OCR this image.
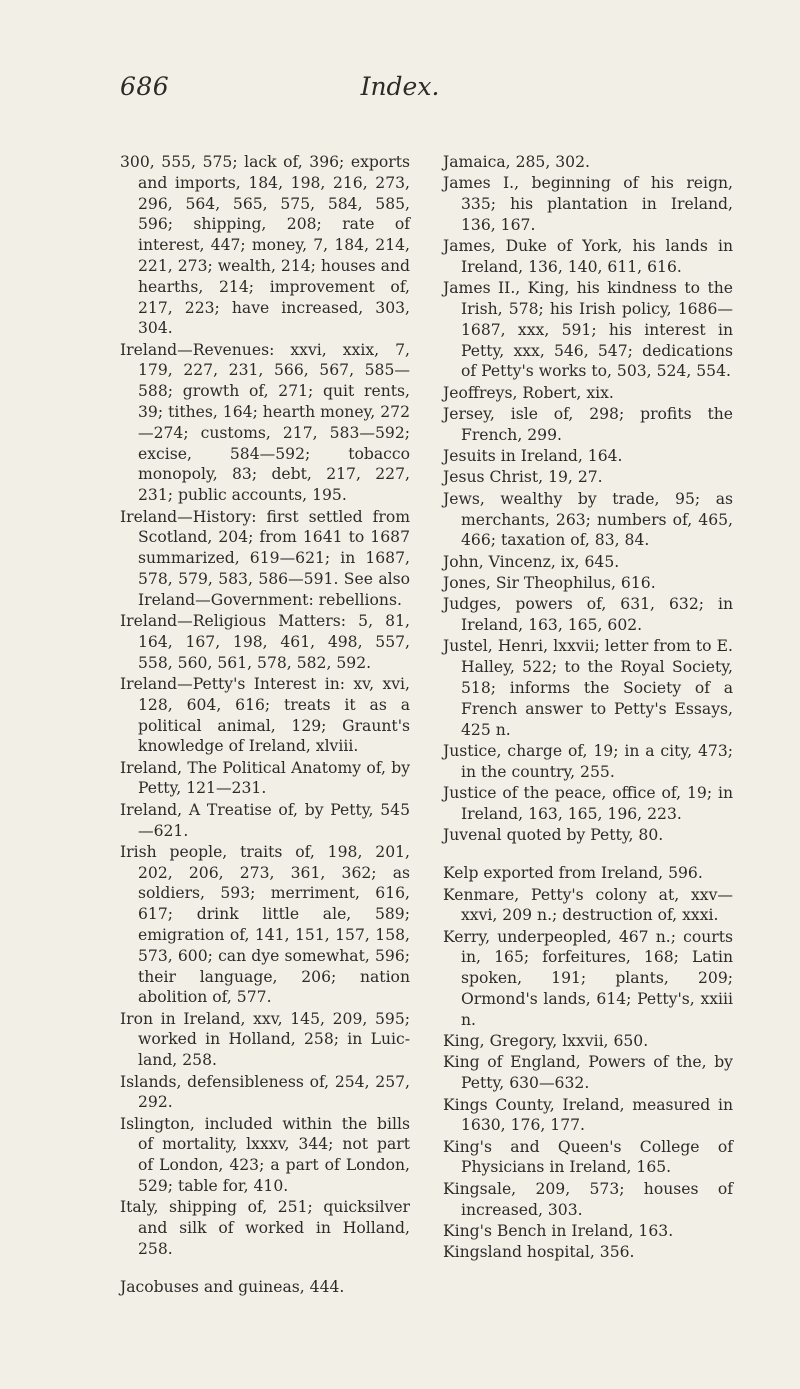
686	Index.

300, 555, 575; lack of, 396; exports and imports, 184, 198, 216, 273, 296, 564, 565, 575, 584, 585, 596; shipping, 208; rate of interest, 447; money, 7, 184, 214, 221, 273; wealth, 214; houses and hearths, 214; improvement of, 217, 223; have increased, 303, 304.

Ireland—Revenues: xxvi, xxix, 7, 179, 227, 231, 566, 567, 585—588; growth of, 271; quit rents, 39; tithes, 164; hearth money, 272—274; customs, 217, 583—592; excise, 584—592; tobacco monopoly, 83; debt, 217, 227, 231; public accounts, 195.

Ireland—History: first settled from Scotland, 204; from 1641 to 1687 summarized, 619—621; in 1687, 578, 579, 583, 586—591. See also Ireland—Government: rebellions.

Ireland—Religious Matters: 5, 81, 164, 167, 198, 461, 498, 557, 558, 560, 561, 578, 582, 592.

Ireland—Petty's Interest in: xv, xvi, 128, 604, 616; treats it as a political animal, 129; Graunt's knowledge of Ireland, xlviii.

Ireland, The Political Anatomy of, by Petty, 121—231.

Ireland, A Treatise of, by Petty, 545—621.

Irish people, traits of, 198, 201, 202, 206, 273, 361, 362; as soldiers, 593; merriment, 616, 617; drink little ale, 589; emigration of, 141, 151, 157, 158, 573, 600; can dye somewhat, 596; their language, 206; nation abolition of, 577.

Iron in Ireland, xxv, 145, 209, 595; worked in Holland, 258; in Luic-land, 258.

Islands, defensibleness of, 254, 257, 292.

Islington, included within the bills of mortality, lxxxv, 344; not part of London, 423; a part of London, 529; table for, 410.

Italy, shipping of, 251; quicksilver and silk of worked in Holland, 258.

Jacobuses and guineas, 444.

Jamaica, 285, 302.

James I., beginning of his reign, 335; his plantation in Ireland, 136, 167.

James, Duke of York, his lands in Ireland, 136, 140, 611, 616.

James II., King, his kindness to the Irish, 578; his Irish policy, 1686—1687, xxx, 591; his interest in Petty, xxx, 546, 547; dedications of Petty's works to, 503, 524, 554.

Jeoffreys, Robert, xix.

Jersey, isle of, 298; profits the French, 299.

Jesuits in Ireland, 164.

Jesus Christ, 19, 27.

Jews, wealthy by trade, 95; as merchants, 263; numbers of, 465, 466; taxation of, 83, 84.

John, Vincenz, ix, 645.

Jones, Sir Theophilus, 616.

Judges, powers of, 631, 632; in Ireland, 163, 165, 602.

Justel, Henri, lxxvii; letter from to E. Halley, 522; to the Royal Society, 518; informs the Society of a French answer to Petty's Essays, 425 n.

Justice, charge of, 19; in a city, 473; in the country, 255.

Justice of the peace, office of, 19; in Ireland, 163, 165, 196, 223.

Juvenal quoted by Petty, 80.

Kelp exported from Ireland, 596.

Kenmare, Petty's colony at, xxv—xxvi, 209 n.; destruction of, xxxi.

Kerry, underpeopled, 467 n.; courts in, 165; forfeitures, 168; Latin spoken, 191; plants, 209; Ormond's lands, 614; Petty's, xxiii n.

King, Gregory, lxxvii, 650.

King of England, Powers of the, by Petty, 630—632.

Kings County, Ireland, measured in 1630, 176, 177.

King's and Queen's College of Physicians in Ireland, 165.

Kingsale, 209, 573; houses of increased, 303.

King's Bench in Ireland, 163.

Kingsland hospital, 356.
